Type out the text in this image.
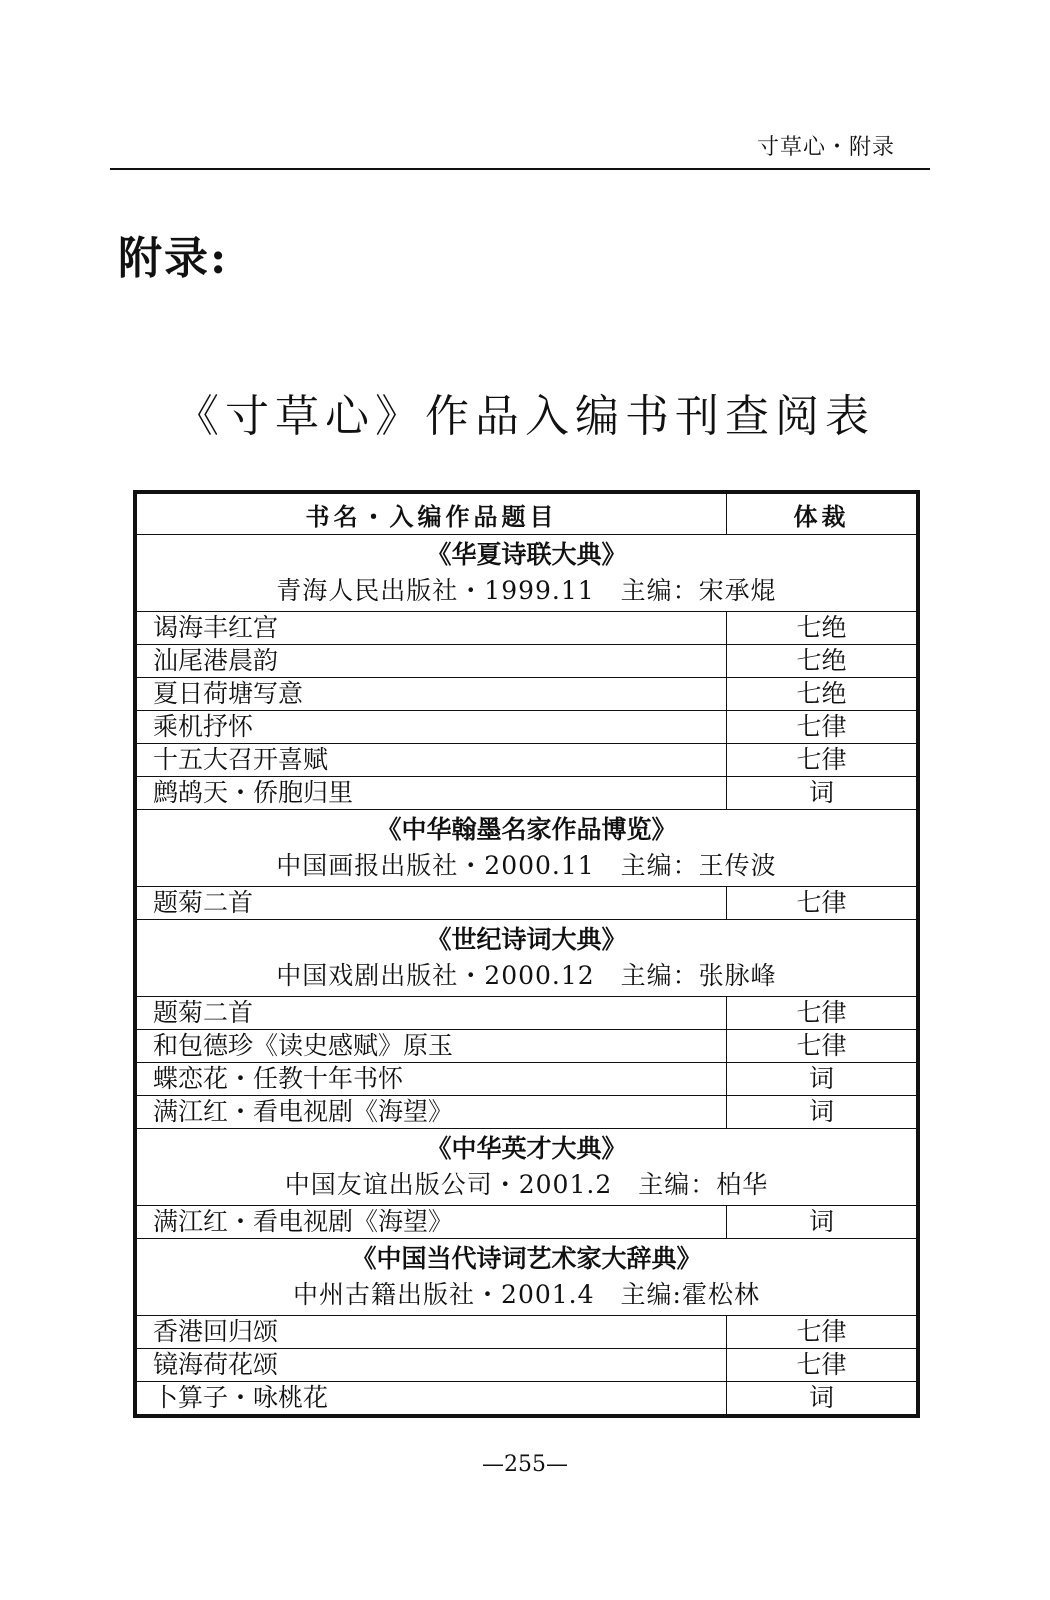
寸草心・附录
附录:
《寸草心》作品入编书刊查阅表
书名・入编作品题目	体裁

《华夏诗联大典》
青海人民出版社・1999.11　主编：宋承焜	

谒海丰红宫	七绝
汕尾港晨韵	七绝
夏日荷塘写意	七绝
乘机抒怀	七律
十五大召开喜赋	七律
鹧鸪天・侨胞归里	词

《中华翰墨名家作品博览》
中国画报出版社・2000.11　主编：王传波	

题菊二首	七律

《世纪诗词大典》
中国戏剧出版社・2000.12　主编：张脉峰	

题菊二首	七律
和包德珍《读史感赋》原玉	七律
蝶恋花・任教十年书怀	词
满江红・看电视剧《海望》	词

《中华英才大典》
中国友谊出版公司・2001.2　主编：柏华	

满江红・看电视剧《海望》	词

《中国当代诗词艺术家大辞典》
中州古籍出版社・2001.4　主编:霍松林	

香港回归颂	七律
镜海荷花颂	七律
卜算子・咏桃花	词
—255—
